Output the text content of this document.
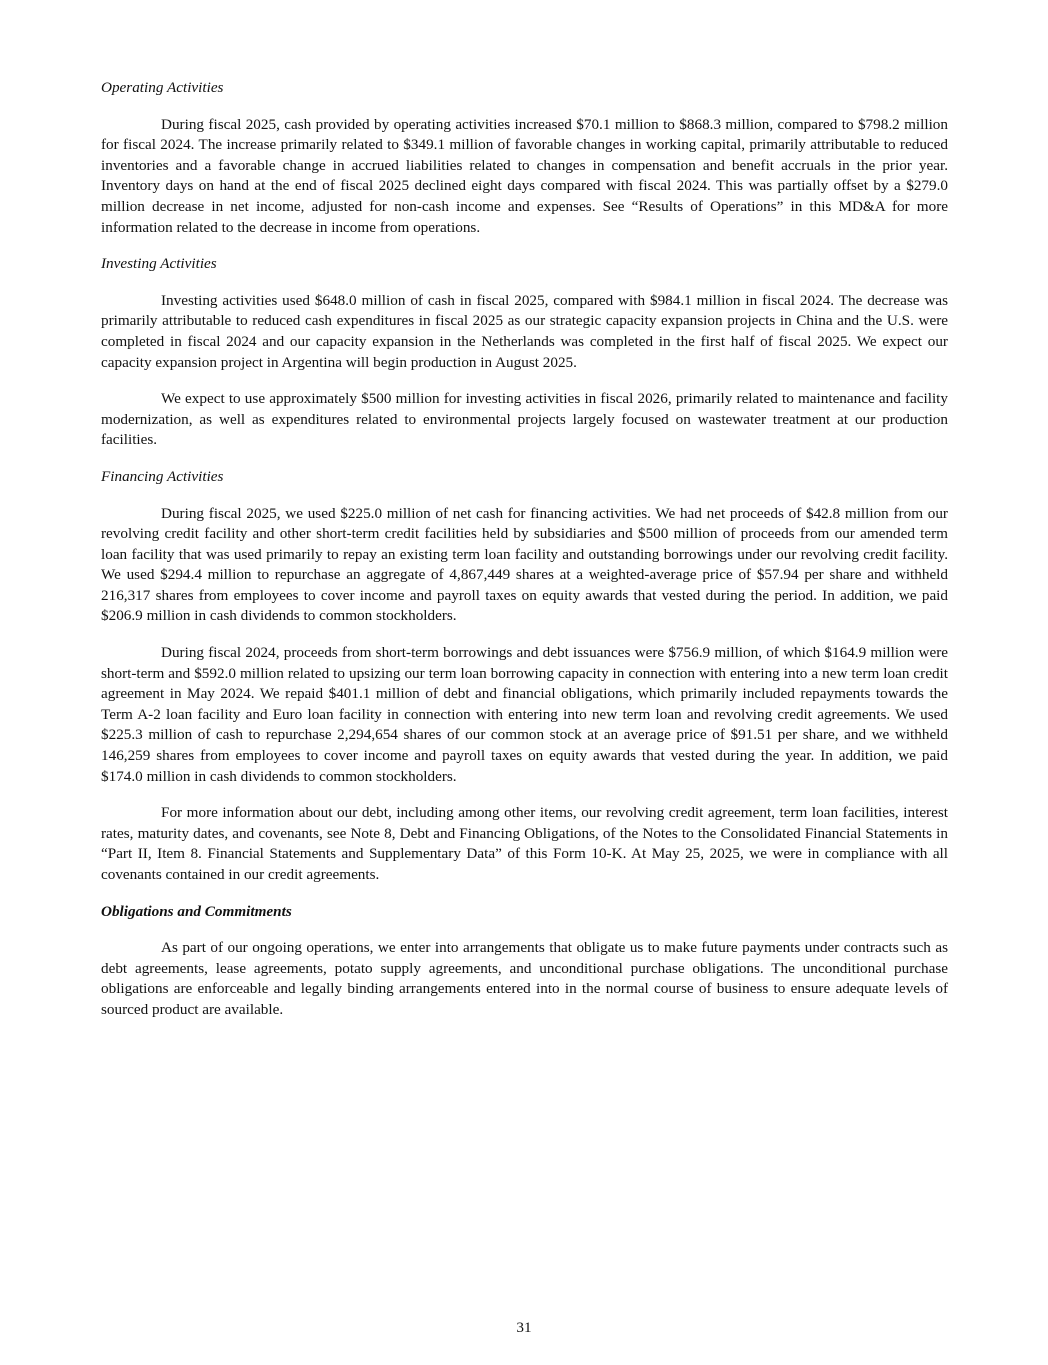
Operating Activities

During fiscal 2025, cash provided by operating activities increased $70.1 million to $868.3 million, compared to $798.2 million for fiscal 2024. The increase primarily related to $349.1 million of favorable changes in working capital, primarily attributable to reduced inventories and a favorable change in accrued liabilities related to changes in compensation and benefit accruals in the prior year. Inventory days on hand at the end of fiscal 2025 declined eight days compared with fiscal 2024. This was partially offset by a $279.0 million decrease in net income, adjusted for non-cash income and expenses. See “Results of Operations” in this MD&A for more information related to the decrease in income from operations.

Investing Activities

Investing activities used $648.0 million of cash in fiscal 2025, compared with $984.1 million in fiscal 2024. The decrease was primarily attributable to reduced cash expenditures in fiscal 2025 as our strategic capacity expansion projects in China and the U.S. were completed in fiscal 2024 and our capacity expansion in the Netherlands was completed in the first half of fiscal 2025. We expect our capacity expansion project in Argentina will begin production in August 2025.

We expect to use approximately $500 million for investing activities in fiscal 2026, primarily related to maintenance and facility modernization, as well as expenditures related to environmental projects largely focused on wastewater treatment at our production facilities.

Financing Activities

During fiscal 2025, we used $225.0 million of net cash for financing activities. We had net proceeds of $42.8 million from our revolving credit facility and other short-term credit facilities held by subsidiaries and $500 million of proceeds from our amended term loan facility that was used primarily to repay an existing term loan facility and outstanding borrowings under our revolving credit facility. We used $294.4 million to repurchase an aggregate of 4,867,449 shares at a weighted-average price of $57.94 per share and withheld 216,317 shares from employees to cover income and payroll taxes on equity awards that vested during the period. In addition, we paid $206.9 million in cash dividends to common stockholders.

During fiscal 2024, proceeds from short-term borrowings and debt issuances were $756.9 million, of which $164.9 million were short-term and $592.0 million related to upsizing our term loan borrowing capacity in connection with entering into a new term loan credit agreement in May 2024. We repaid $401.1 million of debt and financial obligations, which primarily included repayments towards the Term A-2 loan facility and Euro loan facility in connection with entering into new term loan and revolving credit agreements. We used $225.3 million of cash to repurchase 2,294,654 shares of our common stock at an average price of $91.51 per share, and we withheld 146,259 shares from employees to cover income and payroll taxes on equity awards that vested during the year. In addition, we paid $174.0 million in cash dividends to common stockholders.

For more information about our debt, including among other items, our revolving credit agreement, term loan facilities, interest rates, maturity dates, and covenants, see Note 8, Debt and Financing Obligations, of the Notes to the Consolidated Financial Statements in “Part II, Item 8. Financial Statements and Supplementary Data” of this Form 10-K. At May 25, 2025, we were in compliance with all covenants contained in our credit agreements.

Obligations and Commitments

As part of our ongoing operations, we enter into arrangements that obligate us to make future payments under contracts such as debt agreements, lease agreements, potato supply agreements, and unconditional purchase obligations. The unconditional purchase obligations are enforceable and legally binding arrangements entered into in the normal course of business to ensure adequate levels of sourced product are available.

31
